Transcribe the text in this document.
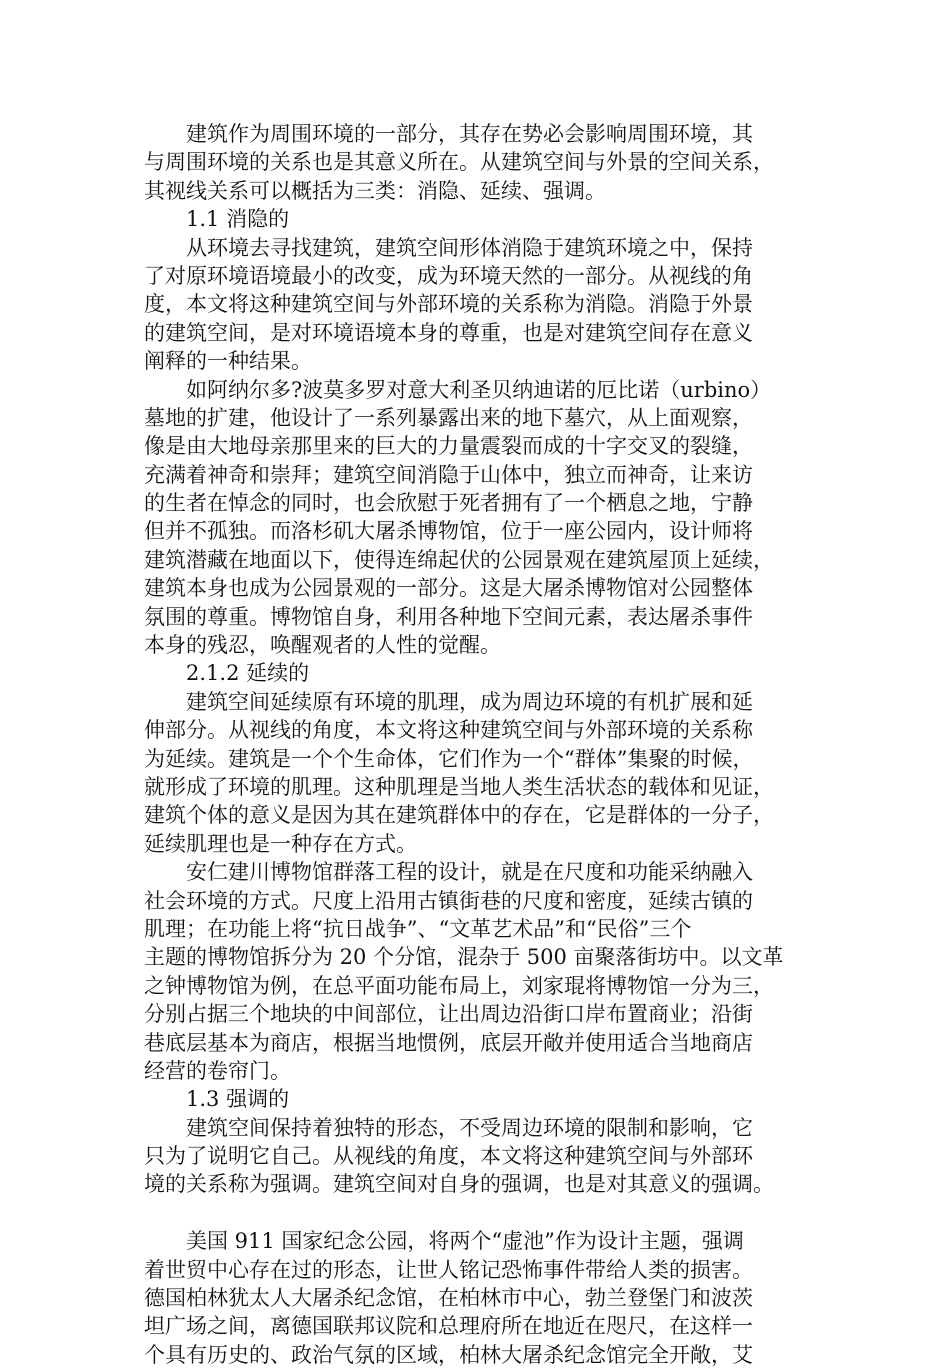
建筑作为周围环境的一部分，其存在势必会影响周围环境，其
与周围环境的关系也是其意义所在。从建筑空间与外景的空间关系，
其视线关系可以概括为三类：消隐、延续、强调。
1.1 消隐的
从环境去寻找建筑，建筑空间形体消隐于建筑环境之中，保持
了对原环境语境最小的改变，成为环境天然的一部分。从视线的角
度，本文将这种建筑空间与外部环境的关系称为消隐。消隐于外景
的建筑空间，是对环境语境本身的尊重，也是对建筑空间存在意义
阐释的一种结果。
如阿纳尔多?波莫多罗对意大利圣贝纳迪诺的厄比诺（urbino）
墓地的扩建，他设计了一系列暴露出来的地下墓穴，从上面观察，
像是由大地母亲那里来的巨大的力量震裂而成的十字交叉的裂缝，
充满着神奇和崇拜；建筑空间消隐于山体中，独立而神奇，让来访
的生者在悼念的同时，也会欣慰于死者拥有了一个栖息之地，宁静
但并不孤独。而洛杉矶大屠杀博物馆，位于一座公园内，设计师将
建筑潜藏在地面以下，使得连绵起伏的公园景观在建筑屋顶上延续，
建筑本身也成为公园景观的一部分。这是大屠杀博物馆对公园整体
氛围的尊重。博物馆自身，利用各种地下空间元素，表达屠杀事件
本身的残忍，唤醒观者的人性的觉醒。
2.1.2 延续的
建筑空间延续原有环境的肌理，成为周边环境的有机扩展和延
伸部分。从视线的角度，本文将这种建筑空间与外部环境的关系称
为延续。建筑是一个个生命体，它们作为一个“群体”集聚的时候，
就形成了环境的肌理。这种肌理是当地人类生活状态的载体和见证，
建筑个体的意义是因为其在建筑群体中的存在，它是群体的一分子，
延续肌理也是一种存在方式。
安仁建川博物馆群落工程的设计，就是在尺度和功能采纳融入
社会环境的方式。尺度上沿用古镇街巷的尺度和密度，延续古镇的
肌理；在功能上将“抗日战争”、“文革艺术品”和“民俗”三个
主题的博物馆拆分为 20 个分馆，混杂于 500 亩聚落街坊中。以文革
之钟博物馆为例，在总平面功能布局上，刘家琨将博物馆一分为三，
分别占据三个地块的中间部位，让出周边沿街口岸布置商业；沿街
巷底层基本为商店，根据当地惯例，底层开敞并使用适合当地商店
经营的卷帘门。
1.3 强调的
建筑空间保持着独特的形态，不受周边环境的限制和影响，它
只为了说明它自己。从视线的角度，本文将这种建筑空间与外部环
境的关系称为强调。建筑空间对自身的强调，也是对其意义的强调。
美国 911 国家纪念公园，将两个“虚池”作为设计主题，强调
着世贸中心存在过的形态，让世人铭记恐怖事件带给人类的损害。
德国柏林犹太人大屠杀纪念馆，在柏林市中心，勃兰登堡门和波茨
坦广场之间，离德国联邦议院和总理府所在地近在咫尺，在这样一
个具有历史的、政治气氛的区域，柏林大屠杀纪念馆完全开敞，艾
